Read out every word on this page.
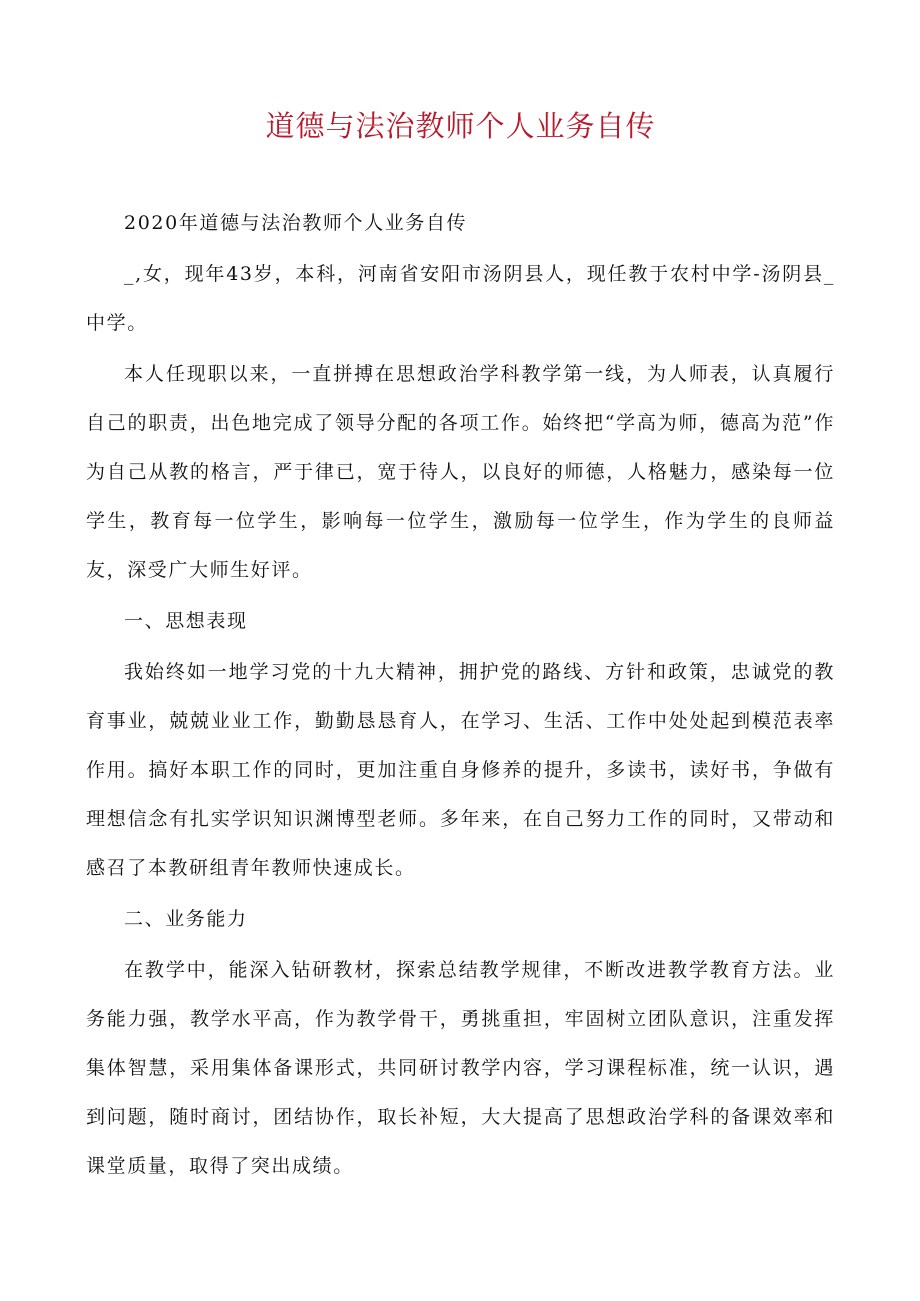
道德与法治教师个人业务自传

2020年道德与法治教师个人业务自传

_,女，现年43岁，本科，河南省安阳市汤阴县人，现任教于农村中学-汤阴县_中学。

本人任现职以来，一直拼搏在思想政治学科教学第一线，为人师表，认真履行自己的职责，出色地完成了领导分配的各项工作。始终把“学高为师，德高为范”作为自己从教的格言，严于律已，宽于待人，以良好的师德，人格魅力，感染每一位学生，教育每一位学生，影响每一位学生，激励每一位学生，作为学生的良师益友，深受广大师生好评。

一、思想表现

我始终如一地学习党的十九大精神，拥护党的路线、方针和政策，忠诚党的教育事业，兢兢业业工作，勤勤恳恳育人，在学习、生活、工作中处处起到模范表率作用。搞好本职工作的同时，更加注重自身修养的提升，多读书，读好书，争做有理想信念有扎实学识知识渊博型老师。多年来，在自己努力工作的同时，又带动和感召了本教研组青年教师快速成长。

二、业务能力

在教学中，能深入钻研教材，探索总结教学规律，不断改进教学教育方法。业务能力强，教学水平高，作为教学骨干，勇挑重担，牢固树立团队意识，注重发挥集体智慧，采用集体备课形式，共同研讨教学内容，学习课程标准，统一认识，遇到问题，随时商讨，团结协作，取长补短，大大提高了思想政治学科的备课效率和课堂质量，取得了突出成绩。
